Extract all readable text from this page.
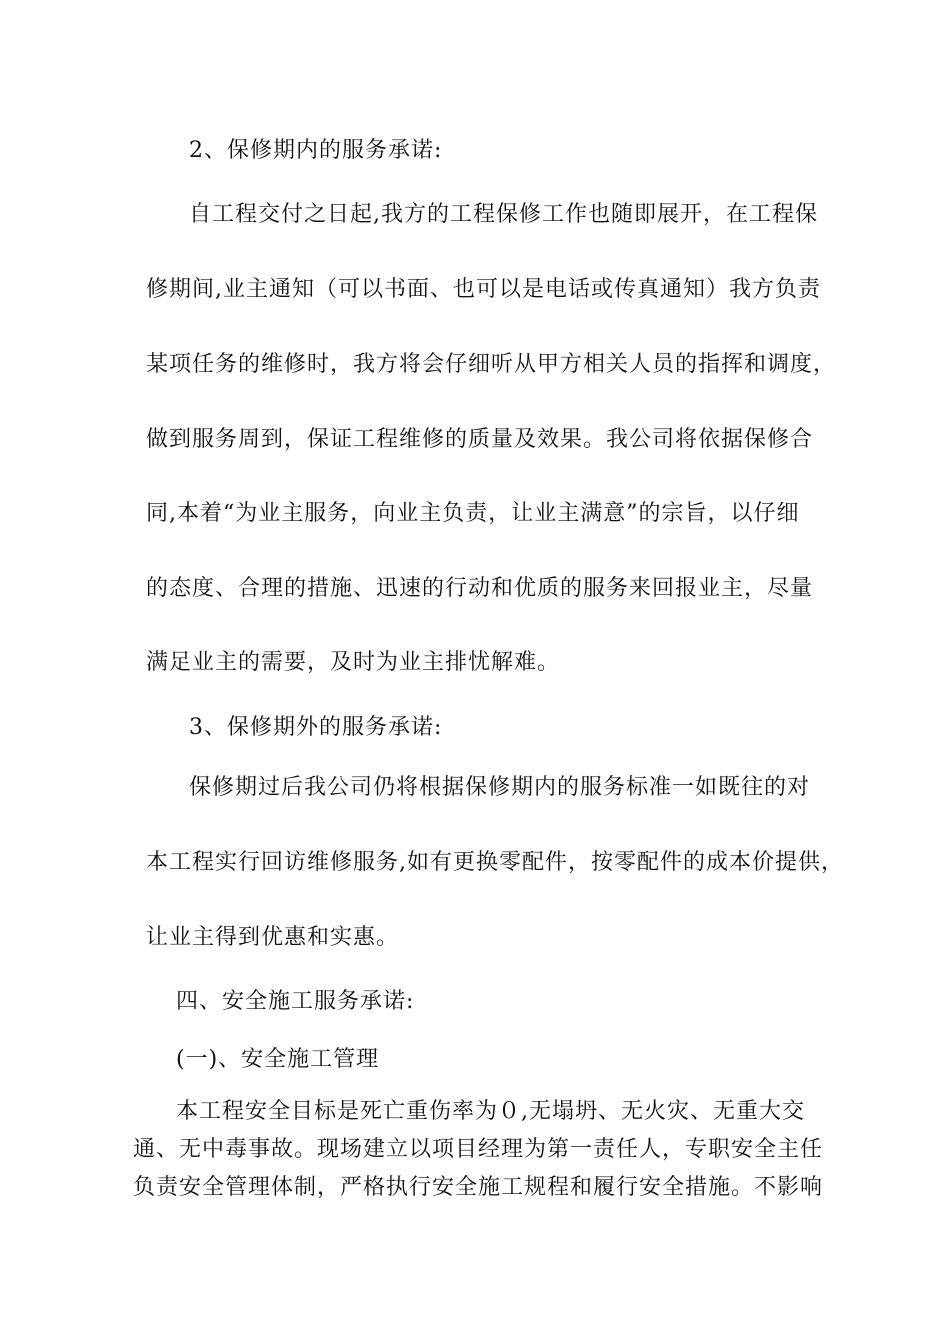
2、保修期内的服务承诺:
自工程交付之日起,我方的工程保修工作也随即展开，在工程保
修期间,业主通知（可以书面、也可以是电话或传真通知）我方负责
某项任务的维修时，我方将会仔细听从甲方相关人员的指挥和调度，
做到服务周到，保证工程维修的质量及效果。我公司将依据保修合
同,本着“为业主服务，向业主负责，让业主满意”的宗旨，以仔细
的态度、合理的措施、迅速的行动和优质的服务来回报业主，尽量
满足业主的需要，及时为业主排忧解难。
3、保修期外的服务承诺:
保修期过后我公司仍将根据保修期内的服务标准一如既往的对
本工程实行回访维修服务,如有更换零配件，按零配件的成本价提供，
让业主得到优惠和实惠。
四、安全施工服务承诺:
(一)、安全施工管理
本工程安全目标是死亡重伤率为０,无塌坍、无火灾、无重大交
通、无中毒事故。现场建立以项目经理为第一责任人，专职安全主任
负责安全管理体制，严格执行安全施工规程和履行安全措施。不影响
